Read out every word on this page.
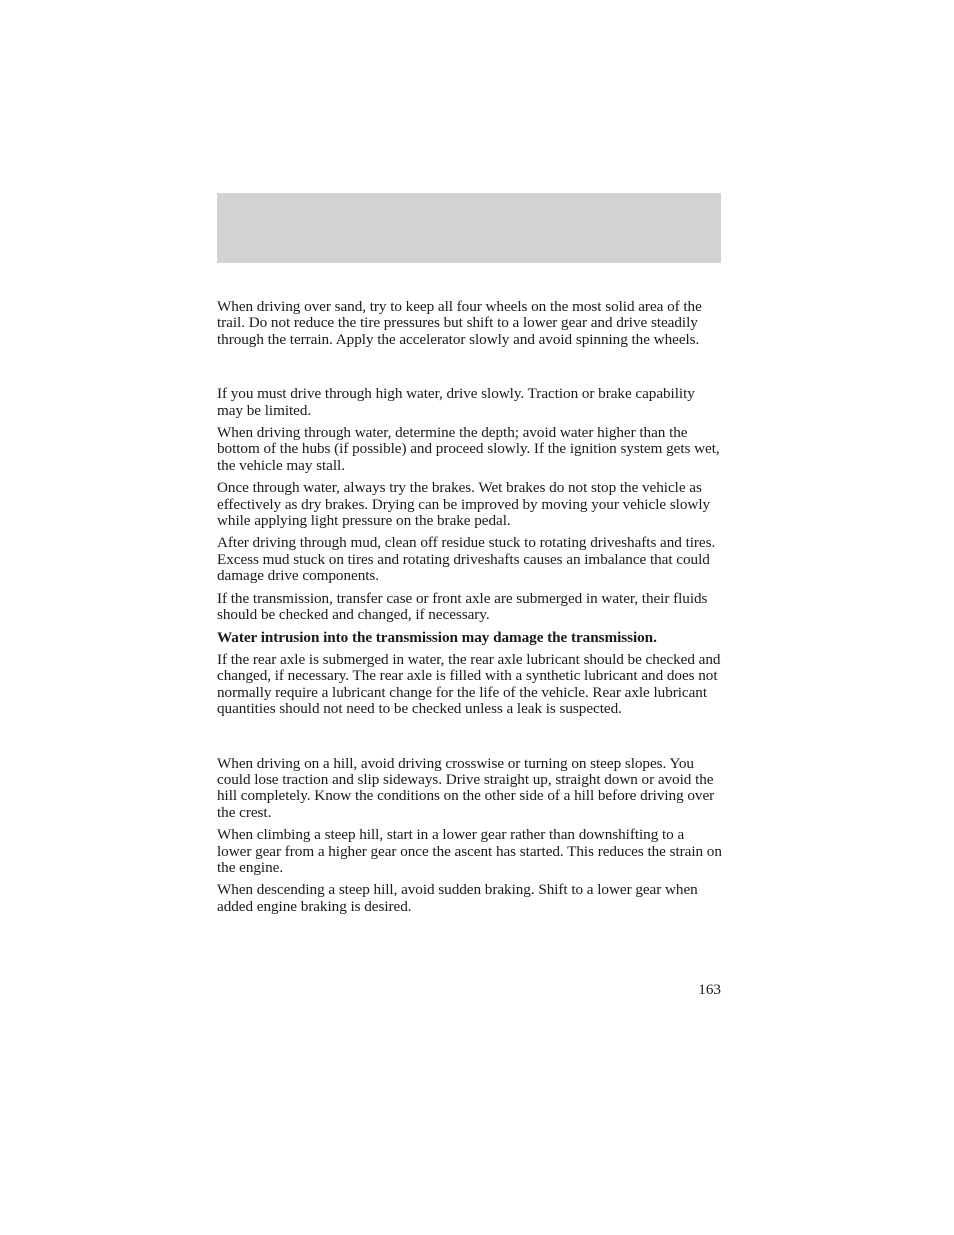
When driving over sand, try to keep all four wheels on the most solid area of the trail. Do not reduce the tire pressures but shift to a lower gear and drive steadily through the terrain. Apply the accelerator slowly and avoid spinning the wheels.

If you must drive through high water, drive slowly. Traction or brake capability may be limited.

When driving through water, determine the depth; avoid water higher than the bottom of the hubs (if possible) and proceed slowly. If the ignition system gets wet, the vehicle may stall.

Once through water, always try the brakes. Wet brakes do not stop the vehicle as effectively as dry brakes. Drying can be improved by moving your vehicle slowly while applying light pressure on the brake pedal.

After driving through mud, clean off residue stuck to rotating driveshafts and tires. Excess mud stuck on tires and rotating driveshafts causes an imbalance that could damage drive components.

If the transmission, transfer case or front axle are submerged in water, their fluids should be checked and changed, if necessary.

Water intrusion into the transmission may damage the transmission.

If the rear axle is submerged in water, the rear axle lubricant should be checked and changed, if necessary. The rear axle is filled with a synthetic lubricant and does not normally require a lubricant change for the life of the vehicle. Rear axle lubricant quantities should not need to be checked unless a leak is suspected.

When driving on a hill, avoid driving crosswise or turning on steep slopes. You could lose traction and slip sideways. Drive straight up, straight down or avoid the hill completely. Know the conditions on the other side of a hill before driving over the crest.

When climbing a steep hill, start in a lower gear rather than downshifting to a lower gear from a higher gear once the ascent has started. This reduces the strain on the engine.

When descending a steep hill, avoid sudden braking. Shift to a lower gear when added engine braking is desired.

163
